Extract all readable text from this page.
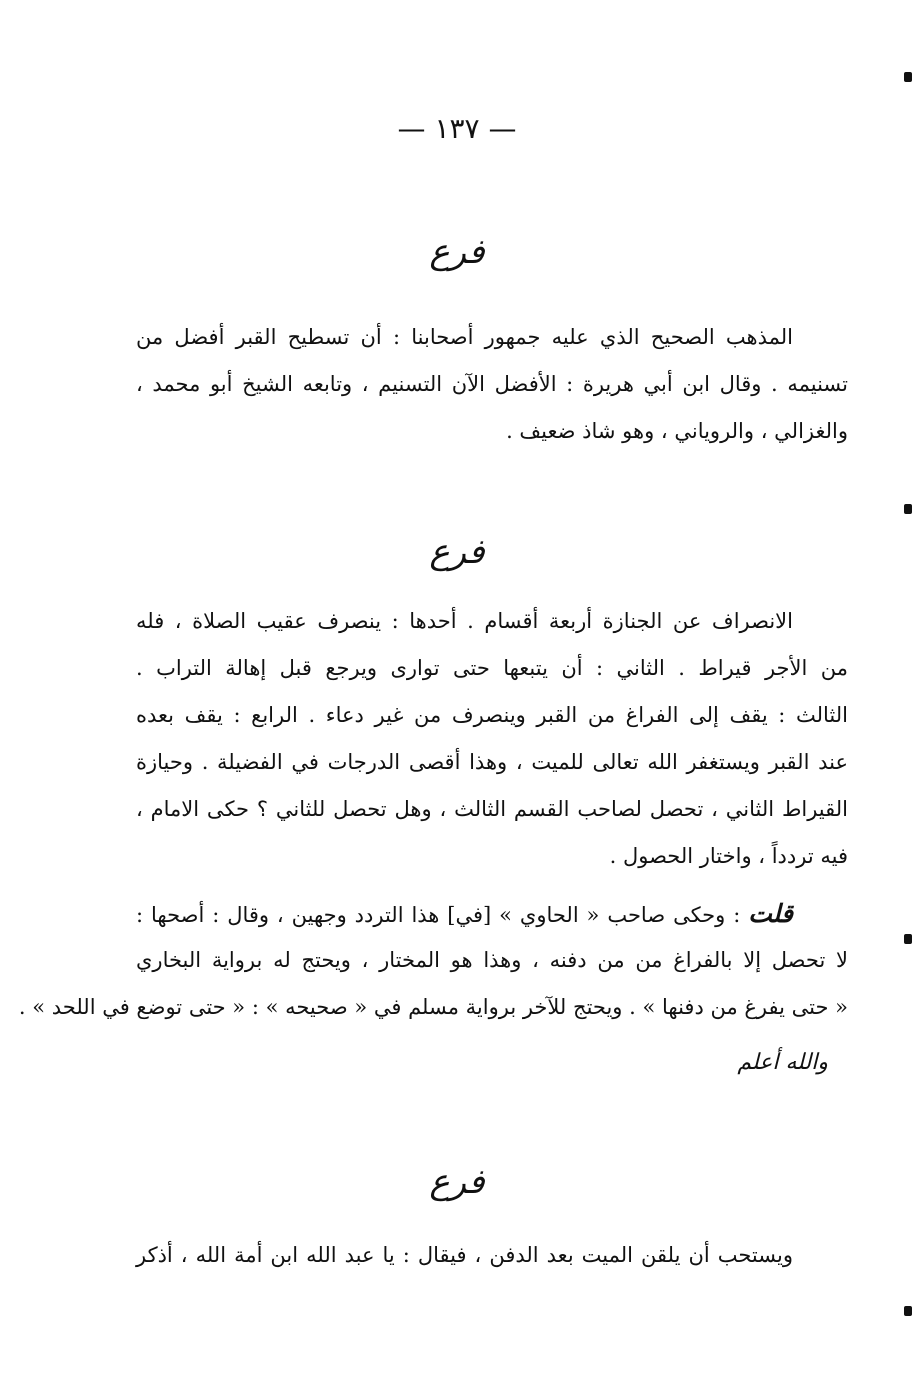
— ١٣٧ —
فرع
المذهب الصحيح الذي عليه جمهور أصحابنا : أن تسطيح القبر أفضل من
تسنيمه . وقال ابن أبي هريرة : الأفضل الآن التسنيم ، وتابعه الشيخ أبو محمد ،
والغزالي ، والروياني ، وهو شاذ ضعيف .
فرع
الانصراف عن الجنازة أربعة أقسام . أحدها : ينصرف عقيب الصلاة ، فله
من الأجر قيراط . الثاني : أن يتبعها حتى توارى ويرجع قبل إهالة التراب .
الثالث : يقف إلى الفراغ من القبر وينصرف من غير دعاء . الرابع : يقف بعده
عند القبر ويستغفر الله تعالى للميت ، وهذا أقصى الدرجات في الفضيلة . وحيازة
القيراط الثاني ، تحصل لصاحب القسم الثالث ، وهل تحصل للثاني ؟ حكى الامام ،
فيه تردداً ، واختار الحصول .
قلت : وحكى صاحب « الحاوي » [في] هذا التردد وجهين ، وقال : أصحها :
لا تحصل إلا بالفراغ من من دفنه ، وهذا هو المختار ، ويحتج له برواية البخاري
« حتى يفرغ من دفنها » . ويحتج للآخر برواية مسلم في « صحيحه » : « حتى توضع في اللحد » .
والله أعلم
فرع
ويستحب أن يلقن الميت بعد الدفن ، فيقال : يا عبد الله ابن أمة الله ، أذكر
